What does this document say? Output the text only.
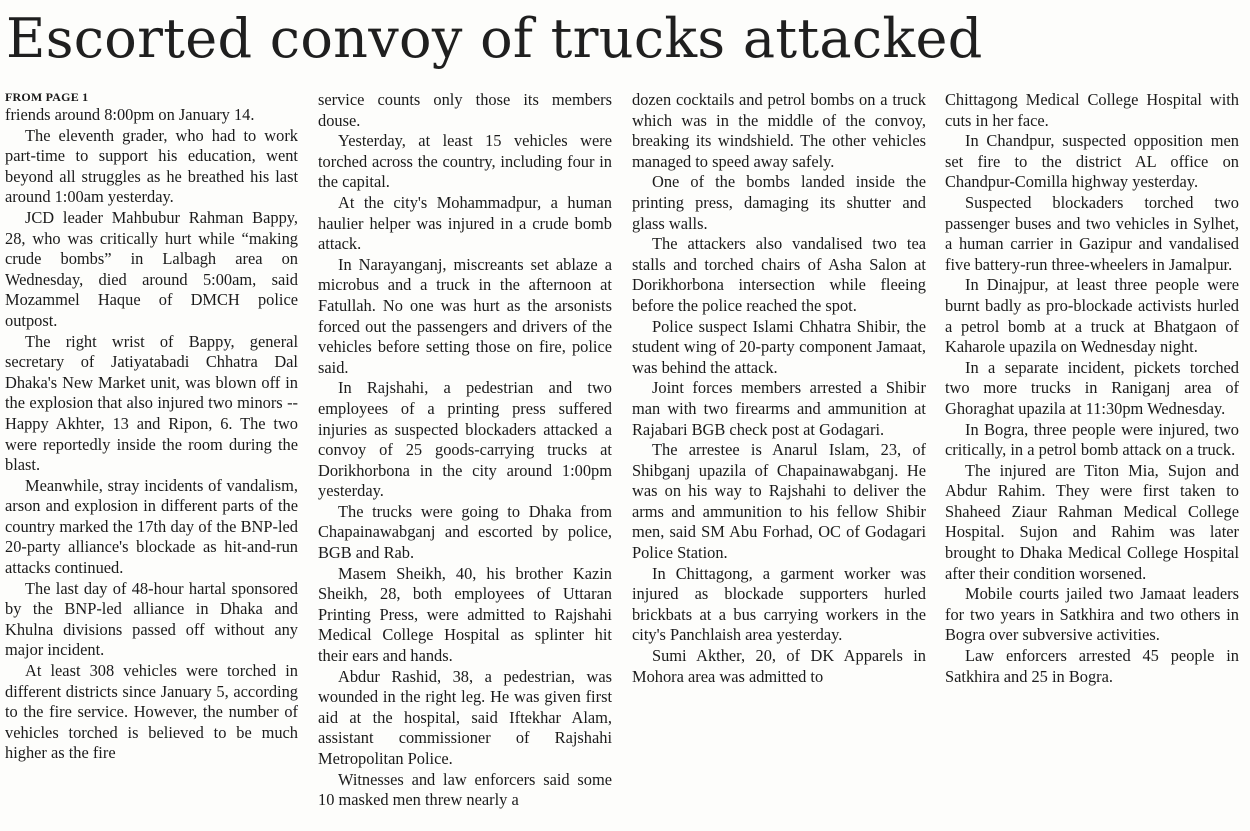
Escorted convoy of trucks attacked
FROM PAGE 1

friends around 8:00pm on January 14.

The eleventh grader, who had to work part-time to support his education, went beyond all struggles as he breathed his last around 1:00am yesterday.

JCD leader Mahbubur Rahman Bappy, 28, who was critically hurt while “making crude bombs” in Lalbagh area on Wednesday, died around 5:00am, said Mozammel Haque of DMCH police outpost.

The right wrist of Bappy, general secretary of Jatiyatabadi Chhatra Dal Dhaka's New Market unit, was blown off in the explosion that also injured two minors -- Happy Akhter, 13 and Ripon, 6. The two were reportedly inside the room during the blast.

Meanwhile, stray incidents of vandalism, arson and explosion in different parts of the country marked the 17th day of the BNP-led 20-party alliance's blockade as hit-and-run attacks continued.

The last day of 48-hour hartal sponsored by the BNP-led alliance in Dhaka and Khulna divisions passed off without any major incident.

At least 308 vehicles were torched in different districts since January 5, according to the fire service. However, the number of vehicles torched is believed to be much higher as the fire

service counts only those its members douse.

Yesterday, at least 15 vehicles were torched across the country, including four in the capital.

At the city's Mohammadpur, a human haulier helper was injured in a crude bomb attack.

In Narayanganj, miscreants set ablaze a microbus and a truck in the afternoon at Fatullah. No one was hurt as the arsonists forced out the passengers and drivers of the vehicles before setting those on fire, police said.

In Rajshahi, a pedestrian and two employees of a printing press suffered injuries as suspected blockaders attacked a convoy of 25 goods-carrying trucks at Dorikhorbona in the city around 1:00pm yesterday.

The trucks were going to Dhaka from Chapainawabganj and escorted by police, BGB and Rab.

Masem Sheikh, 40, his brother Kazin Sheikh, 28, both employees of Uttaran Printing Press, were admitted to Rajshahi Medical College Hospital as splinter hit their ears and hands.

Abdur Rashid, 38, a pedestrian, was wounded in the right leg. He was given first aid at the hospital, said Iftekhar Alam, assistant commissioner of Rajshahi Metropolitan Police.

Witnesses and law enforcers said some 10 masked men threw nearly a

dozen cocktails and petrol bombs on a truck which was in the middle of the convoy, breaking its windshield. The other vehicles managed to speed away safely.

One of the bombs landed inside the printing press, damaging its shutter and glass walls.

The attackers also vandalised two tea stalls and torched chairs of Asha Salon at Dorikhorbona intersection while fleeing before the police reached the spot.

Police suspect Islami Chhatra Shibir, the student wing of 20-party component Jamaat, was behind the attack.

Joint forces members arrested a Shibir man with two firearms and ammunition at Rajabari BGB check post at Godagari.

The arrestee is Anarul Islam, 23, of Shibganj upazila of Chapainawabganj. He was on his way to Rajshahi to deliver the arms and ammunition to his fellow Shibir men, said SM Abu Forhad, OC of Godagari Police Station.

In Chittagong, a garment worker was injured as blockade supporters hurled brickbats at a bus carrying workers in the city's Panchlaish area yesterday.

Sumi Akther, 20, of DK Apparels in Mohora area was admitted to

Chittagong Medical College Hospital with cuts in her face.

In Chandpur, suspected opposition men set fire to the district AL office on Chandpur-Comilla highway yesterday.

Suspected blockaders torched two passenger buses and two vehicles in Sylhet, a human carrier in Gazipur and vandalised five battery-run three-wheelers in Jamalpur.

In Dinajpur, at least three people were burnt badly as pro-blockade activists hurled a petrol bomb at a truck at Bhatgaon of Kaharole upazila on Wednesday night.

In a separate incident, pickets torched two more trucks in Raniganj area of Ghoraghat upazila at 11:30pm Wednesday.

In Bogra, three people were injured, two critically, in a petrol bomb attack on a truck.

The injured are Titon Mia, Sujon and Abdur Rahim. They were first taken to Shaheed Ziaur Rahman Medical College Hospital. Sujon and Rahim was later brought to Dhaka Medical College Hospital after their condition worsened.

Mobile courts jailed two Jamaat leaders for two years in Satkhira and two others in Bogra over subversive activities.

Law enforcers arrested 45 people in Satkhira and 25 in Bogra.
